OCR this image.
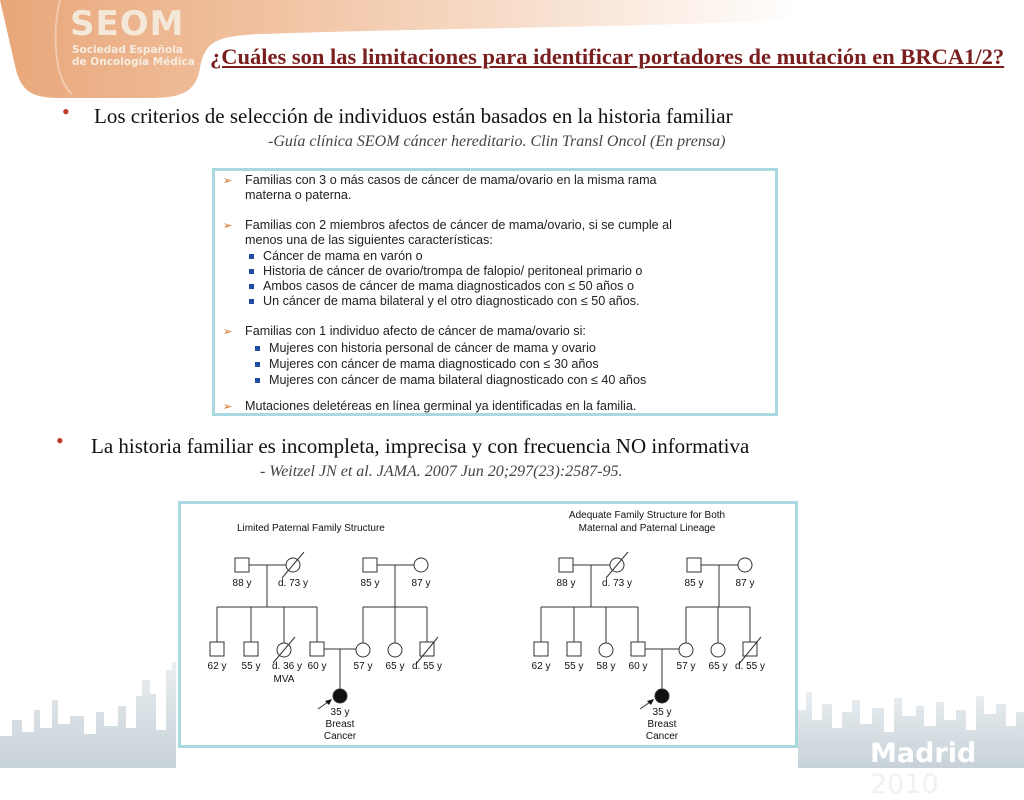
SEOM
Sociedad Española
de Oncología Médica ¿Cuáles son las limitaciones para identificar portadores de mutación en BRCA1/2?
• Los criterios de selección de individuos están basados en la historia familiar
-Guía clínica SEOM cáncer hereditario. Clin Transl Oncol (En prensa)
➢ Familias con 3 o más casos de cáncer de mama/ovario en la misma rama
materna o paterna.
➢ Familias con 2 miembros afectos de cáncer de mama/ovario, si se cumple al
menos una de las siguientes características:
Cáncer de mama en varón o
Historia de cáncer de ovario/trompa de falopio/ peritoneal primario o
Ambos casos de cáncer de mama diagnosticados con ≤ 50 años o
Un cáncer de mama bilateral y el otro diagnosticado con ≤ 50 años.
➢ Familias con 1 individuo afecto de cáncer de mama/ovario si:
Mujeres con historia personal de cáncer de mama y ovario
Mujeres con cáncer de mama diagnosticado con ≤ 30 años
Mujeres con cáncer de mama bilateral diagnosticado con ≤ 40 años
➢ Mutaciones deletéreas en línea germinal ya identificadas en la familia.
• La historia familiar es incompleta, imprecisa y con frecuencia NO informativa
- Weitzel JN et al. JAMA. 2007 Jun 20;297(23):2587-95.
Madrid 2010
Limited Paternal Family Structure
88 y	d. 73 y	85 y	87 y
62 y 55 y d. 36 y 60 y	57 y 65 y d. 55 y
MVA
35 y
Breast
Cancer
Adequate Family Structure for Both
Maternal and Paternal Lineage
88 y	d. 73 y	85 y	87 y
62 y 55 y 58 y 60 y	57 y 65 y d. 55 y
35 y
Breast
Cancer
